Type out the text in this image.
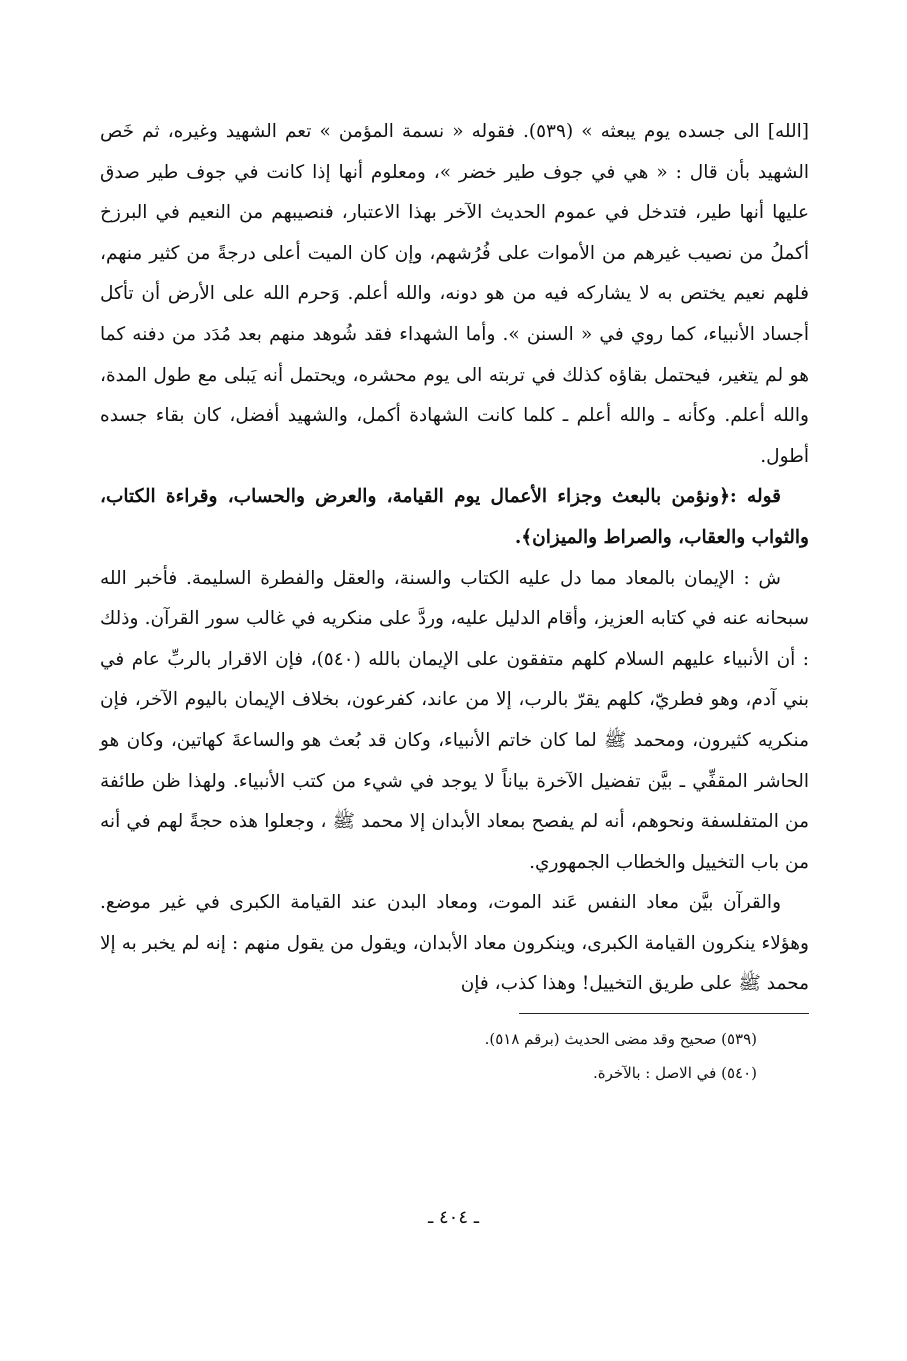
[الله] الى جسده يوم يبعثه » ‏(٥٣٩)‏. فقوله « نسمة المؤمن » تعم الشهيد وغيره، ثم خَص الشهيد بأن قال : « هي في جوف طير خضر »، ومعلوم أنها إذا كانت في جوف طير صدق عليها أنها طير، فتدخل في عموم الحديث الآخر بهذا الاعتبار، فنصيبهم من النعيم في البرزخ أكملُ من نصيب غيرهم من الأموات على فُرُشهم، وإن كان الميت أعلى درجةً من كثير منهم، فلهم نعيم يختص به لا يشاركه فيه من هو دونه، والله أعلم. وَحرم الله على الأرض أن تأكل أجساد الأنبياء، كما روي في « السنن ». وأما الشهداء فقد شُوهد منهم بعد مُدَد من دفنه كما هو لم يتغير، فيحتمل بقاؤه كذلك في تربته الى يوم محشره، ويحتمل أنه يَبلى مع طول المدة، والله أعلم. وكأنه ـ والله أعلم ـ كلما كانت الشهادة أكمل، والشهيد أفضل، كان بقاء جسده أطول.

قوله :﴿ونؤمن بالبعث وجزاء الأعمال يوم القيامة، والعرض والحساب، وقراءة الكتاب، والثواب والعقاب، والصراط والميزان﴾.

ش : الإيمان بالمعاد مما دل عليه الكتاب والسنة، والعقل والفطرة السليمة. فأخبر الله سبحانه عنه في كتابه العزيز، وأقام الدليل عليه، وردَّ على منكريه في غالب سور القرآن. وذلك : أن الأنبياء عليهم السلام كلهم متفقون على الإيمان بالله ‏(٥٤٠)‏، فإن الاقرار بالربِّ عام في بني آدم، وهو فطريّ، كلهم يقرّ بالرب، إلا من عاند، كفرعون، بخلاف الإيمان باليوم الآخر، فإن منكريه كثيرون، ومحمد ﷺ لما كان خاتم الأنبياء، وكان قد بُعث هو والساعةَ كهاتين، وكان هو الحاشر المقفِّي ـ بيَّن تفضيل الآخرة بياناً لا يوجد في شيء من كتب الأنبياء. ولهذا ظن طائفة من المتفلسفة ونحوهم، أنه لم يفصح بمعاد الأبدان إلا محمد ﷺ ، وجعلوا هذه حجةً لهم في أنه من باب التخييل والخطاب الجمهوري.

والقرآن بيَّن معاد النفس عَند الموت، ومعاد البدن عند القيامة الكبرى في غير موضع. وهؤلاء ينكرون القيامة الكبرى، وينكرون معاد الأبدان، ويقول من يقول منهم : إنه لم يخبر به إلا محمد ﷺ على طريق التخييل! وهذا كذب، فإن

(٥٣٩) صحيح وقد مضى الحديث (برقم ٥١٨).

(٥٤٠) في الاصل : بالآخرة.

ـ ٤٠٤ ـ
